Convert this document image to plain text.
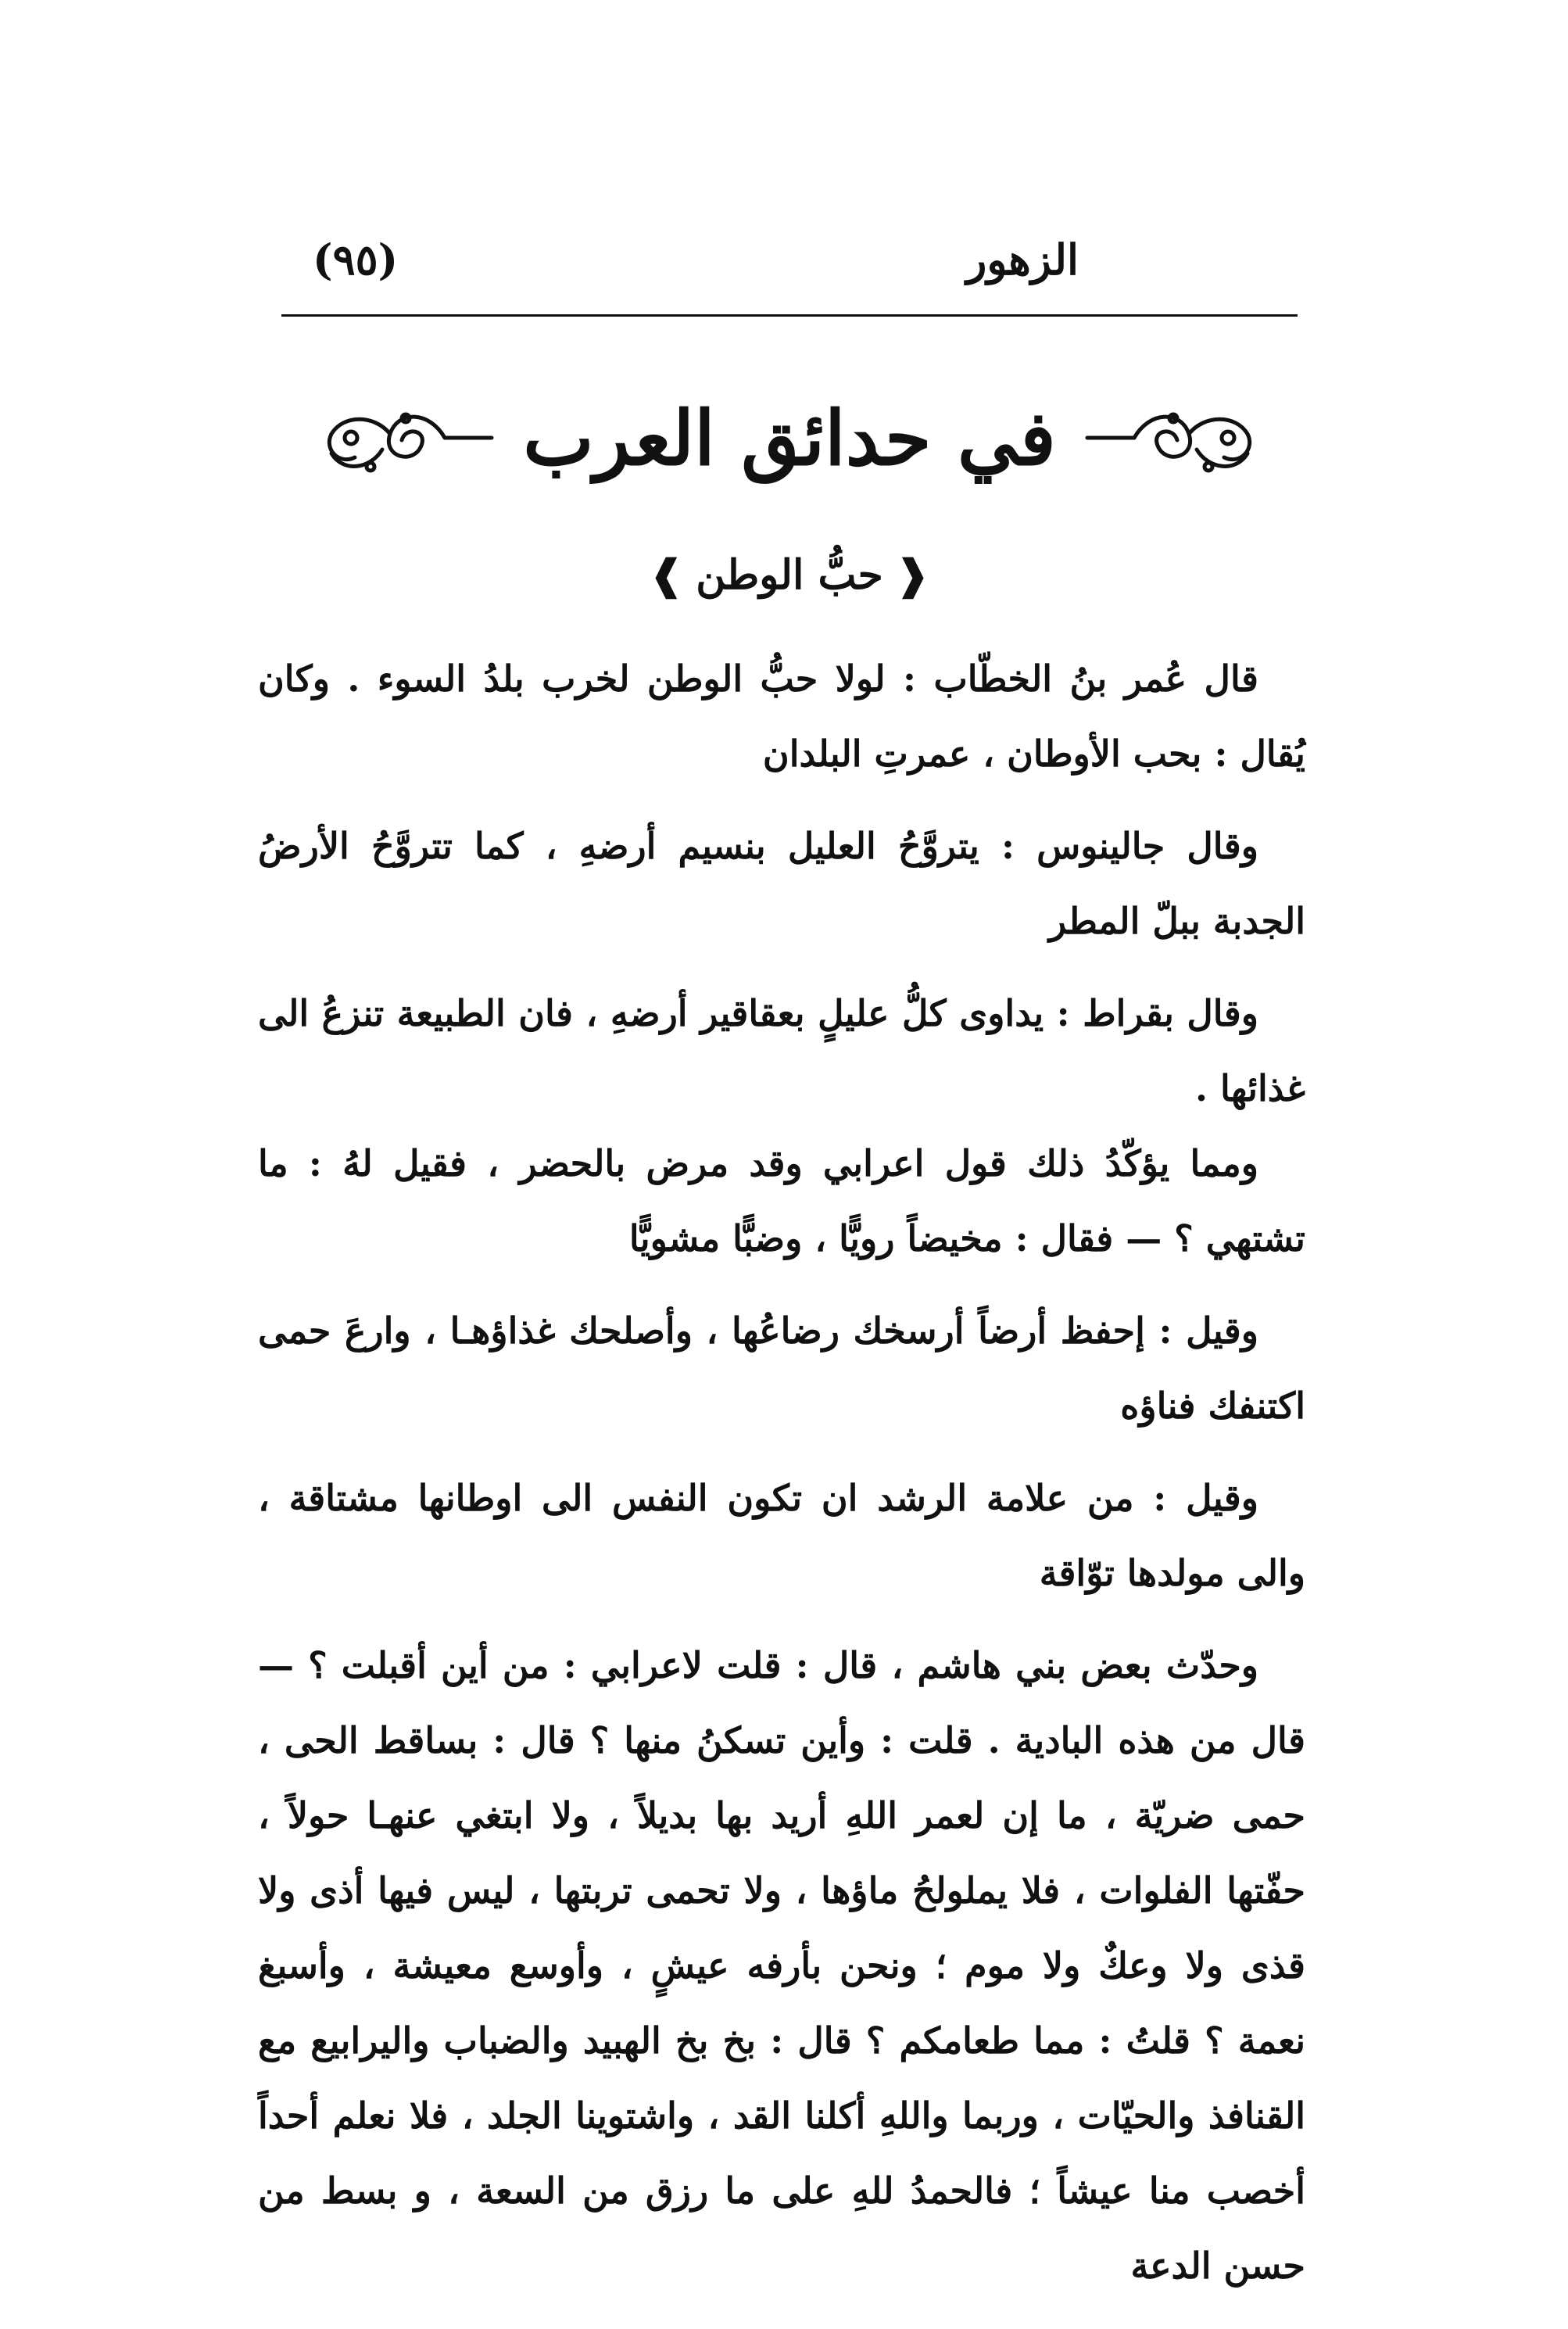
الزهور
(٩٥)
في حدائق العرب
❰
حبُّ الوطن
❱

قال عُمر بنُ الخطّاب : لولا حبُّ الوطن لخرب بلدُ السوء . وكان يُقال : بحب الأوطان ، عمرتِ البلدان

وقال جالينوس : يتروَّحُ العليل بنسيم أرضهِ ، كما تتروَّحُ الأرضُ الجدبة ببلّ المطر

وقال بقراط : يداوى كلُّ عليلٍ بعقاقير أرضهِ ، فان الطبيعة تنزعُ الى غذائها .

ومما يؤكّدُ ذلك قول اعرابي وقد مرض بالحضر ، فقيل لهُ : ما تشتهي ؟ — فقال : مخيضاً رويًّا ، وضبًّا مشويًّا

وقيل : إحفظ أرضاً أرسخك رضاعُها ، وأصلحك غذاؤهـا ، وارعَ حمى اكتنفك فناؤه

وقيل : من علامة الرشد ان تكون النفس الى اوطانها مشتاقة ، والى مولدها توّاقة

وحدّث بعض بني هاشم ، قال : قلت لاعرابي : من أين أقبلت ؟ — قال من هذه البادية . قلت : وأين تسكنُ منها ؟ قال : بساقط الحى ، حمى ضريّة ، ما إن لعمر اللهِ أريد بها بديلاً ، ولا ابتغي عنهـا حولاً ، حفّتها الفلوات ، فلا يملولحُ ماؤها ، ولا تحمى تربتها ، ليس فيها أذى ولا قذى ولا وعكٌ ولا موم ؛ ونحن بأرفه عيشٍ ، وأوسع معيشة ، وأسبغ نعمة ؟ قلتُ : مما طعامكم ؟ قال : بخ بخ الهبيد والضباب واليرابيع مع القنافذ والحيّات ، وربما واللهِ أكلنا القد ، واشتوينا الجلد ، فلا نعلم أحداً أخصب منا عيشاً ؛ فالحمدُ للهِ على ما رزق من السعة ، و بسط من حسن الدعة
